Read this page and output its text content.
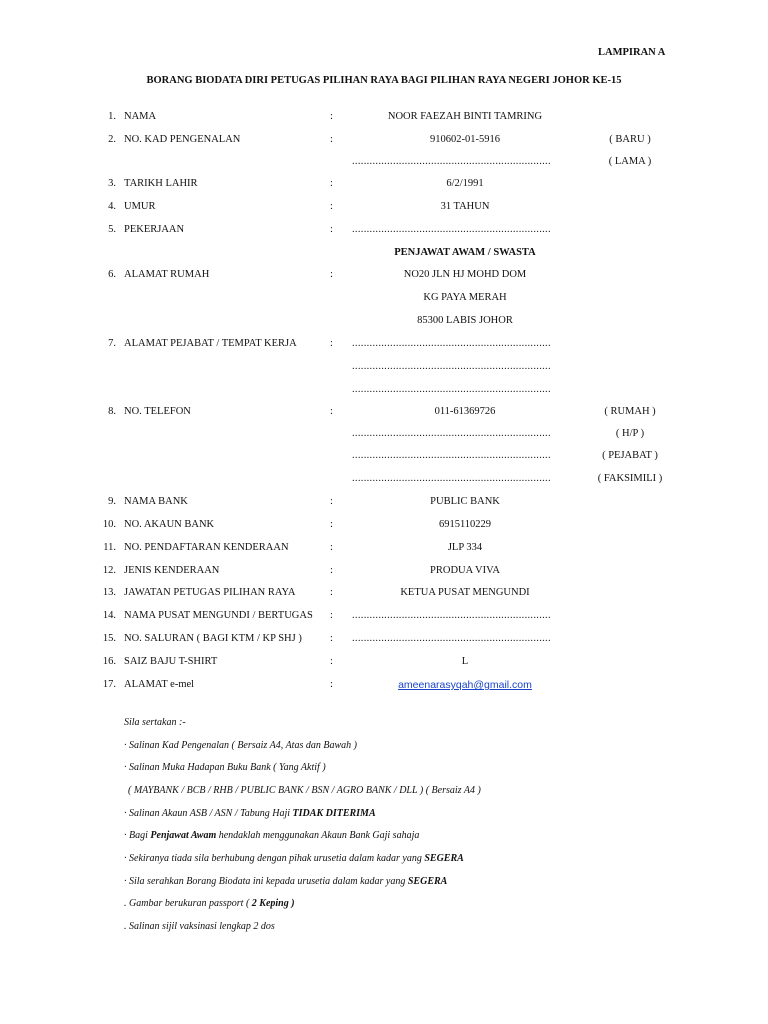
LAMPIRAN A
BORANG BIODATA DIRI PETUGAS PILIHAN RAYA BAGI PILIHAN RAYA NEGERI JOHOR KE-15
1. NAMA	:	NOOR FAEZAH BINTI TAMRING
2. NO. KAD PENGENALAN	:	910602-01-5916	( BARU )
....................................................................	( LAMA )
3. TARIKH LAHIR	:	6/2/1991
4. UMUR	:	31 TAHUN
5. PEKERJAAN	: ....................................................................
PENJAWAT AWAM / SWASTA
6. ALAMAT RUMAH	:	NO20 JLN HJ MOHD DOM
KG PAYA MERAH
85300 LABIS JOHOR
7. ALAMAT PEJABAT / TEMPAT KERJA	: ....................................................................
....................................................................
....................................................................
8. NO. TELEFON	:	011-61369726	( RUMAH )
....................................................................	( H/P )
....................................................................	( PEJABAT )
....................................................................	( FAKSIMILI )
9. NAMA BANK	:	PUBLIC BANK
10. NO. AKAUN BANK	:	6915110229
11. NO. PENDAFTARAN KENDERAAN	:	JLP 334
12. JENIS KENDERAAN	:	PRODUA VIVA
13. JAWATAN PETUGAS PILIHAN RAYA	:	KETUA PUSAT MENGUNDI
14. NAMA PUSAT MENGUNDI / BERTUGAS : ....................................................................
15. NO. SALURAN ( BAGI KTM / KP SHJ )	: ....................................................................
16. SAIZ BAJU T-SHIRT	:	L
17. ALAMAT e-mel	:	ameenarasyqah@gmail.com
Sila sertakan :-
· Salinan Kad Pengenalan ( Bersaiz A4, Atas dan Bawah )
· Salinan Muka Hadapan Buku Bank ( Yang Aktif )
( MAYBANK / BCB / RHB / PUBLIC BANK / BSN / AGRO BANK / DLL ) ( Bersaiz A4 )
· Salinan Akaun ASB / ASN / Tabung Haji TIDAK DITERIMA
· Bagi Penjawat Awam hendaklah menggunakan Akaun Bank Gaji sahaja
· Sekiranya tiada sila berhubung dengan pihak urusetia dalam kadar yang SEGERA
· Sila serahkan Borang Biodata ini kepada urusetia dalam kadar yang SEGERA
. Gambar berukuran passport ( 2 Keping )
. Salinan sijil vaksinasi lengkap 2 dos
